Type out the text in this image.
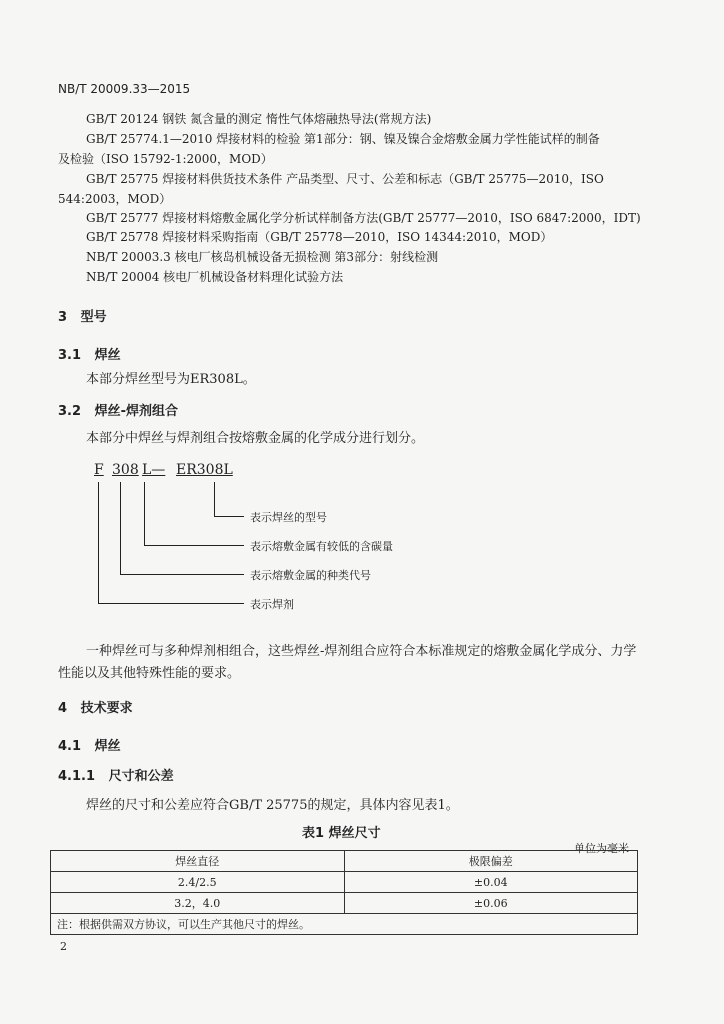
NB/T 20009.33—2015
GB/T 20124 钢铁 氮含量的测定 惰性气体熔融热导法(常规方法)
GB/T 25774.1—2010 焊接材料的检验 第1部分：钢、镍及镍合金熔敷金属力学性能试样的制备
及检验（ISO 15792-1:2000，MOD）
GB/T 25775 焊接材料供货技术条件 产品类型、尺寸、公差和标志（GB/T 25775—2010，ISO
544:2003，MOD）
GB/T 25777 焊接材料熔敷金属化学分析试样制备方法(GB/T 25777—2010，ISO 6847:2000，IDT)
GB/T 25778 焊接材料采购指南（GB/T 25778—2010，ISO 14344:2010，MOD）
NB/T 20003.3 核电厂核岛机械设备无损检测 第3部分：射线检测
NB/T 20004 核电厂机械设备材料理化试验方法
3 型号
3.1 焊丝
本部分焊丝型号为ER308L。
3.2 焊丝-焊剂组合
本部分中焊丝与焊剂组合按熔敷金属的化学成分进行划分。
F 308 L— ER308L
表示焊丝的型号
表示熔敷金属有较低的含碳量
表示熔敷金属的种类代号
表示焊剂
一种焊丝可与多种焊剂相组合，这些焊丝-焊剂组合应符合本标准规定的熔敷金属化学成分、力学
性能以及其他特殊性能的要求。
4 技术要求
4.1 焊丝
4.1.1 尺寸和公差
焊丝的尺寸和公差应符合GB/T 25775的规定，具体内容见表1。
表1 焊丝尺寸
单位为毫米
焊丝直径	极限偏差
2.4/2.5	±0.04
3.2，4.0	±0.06
注：根据供需双方协议，可以生产其他尺寸的焊丝。	
2
